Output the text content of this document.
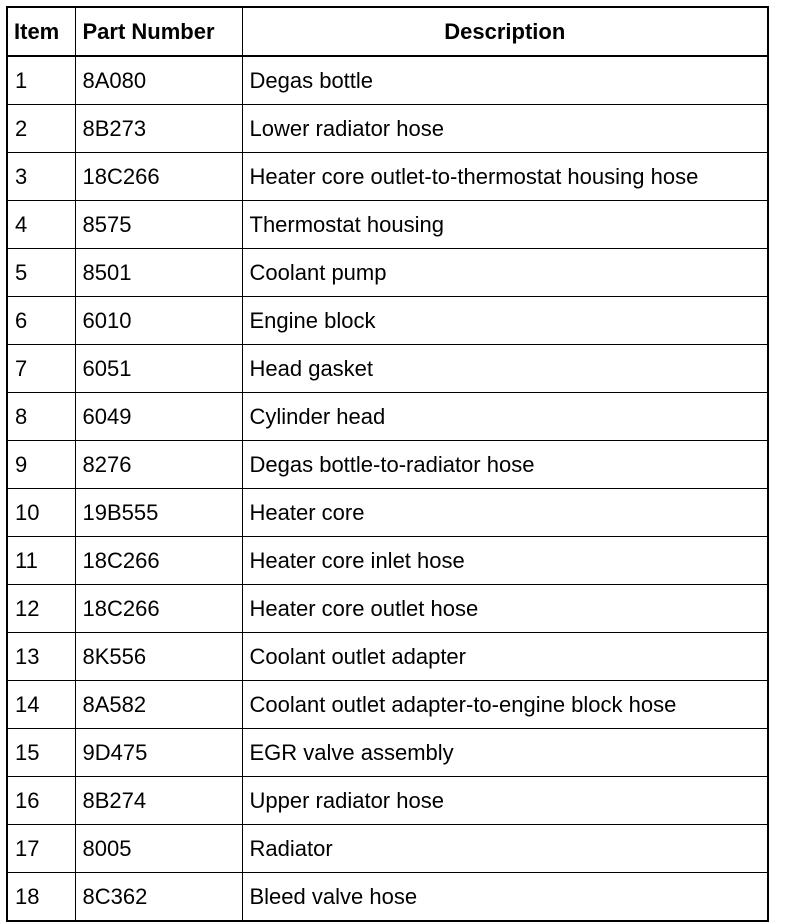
Item	Part Number	Description
1	8A080	Degas bottle
2	8B273	Lower radiator hose
3	18C266	Heater core outlet-to-thermostat housing hose
4	8575	Thermostat housing
5	8501	Coolant pump
6	6010	Engine block
7	6051	Head gasket
8	6049	Cylinder head
9	8276	Degas bottle-to-radiator hose
10	19B555	Heater core
11	18C266	Heater core inlet hose
12	18C266	Heater core outlet hose
13	8K556	Coolant outlet adapter
14	8A582	Coolant outlet adapter-to-engine block hose
15	9D475	EGR valve assembly
16	8B274	Upper radiator hose
17	8005	Radiator
18	8C362	Bleed valve hose
